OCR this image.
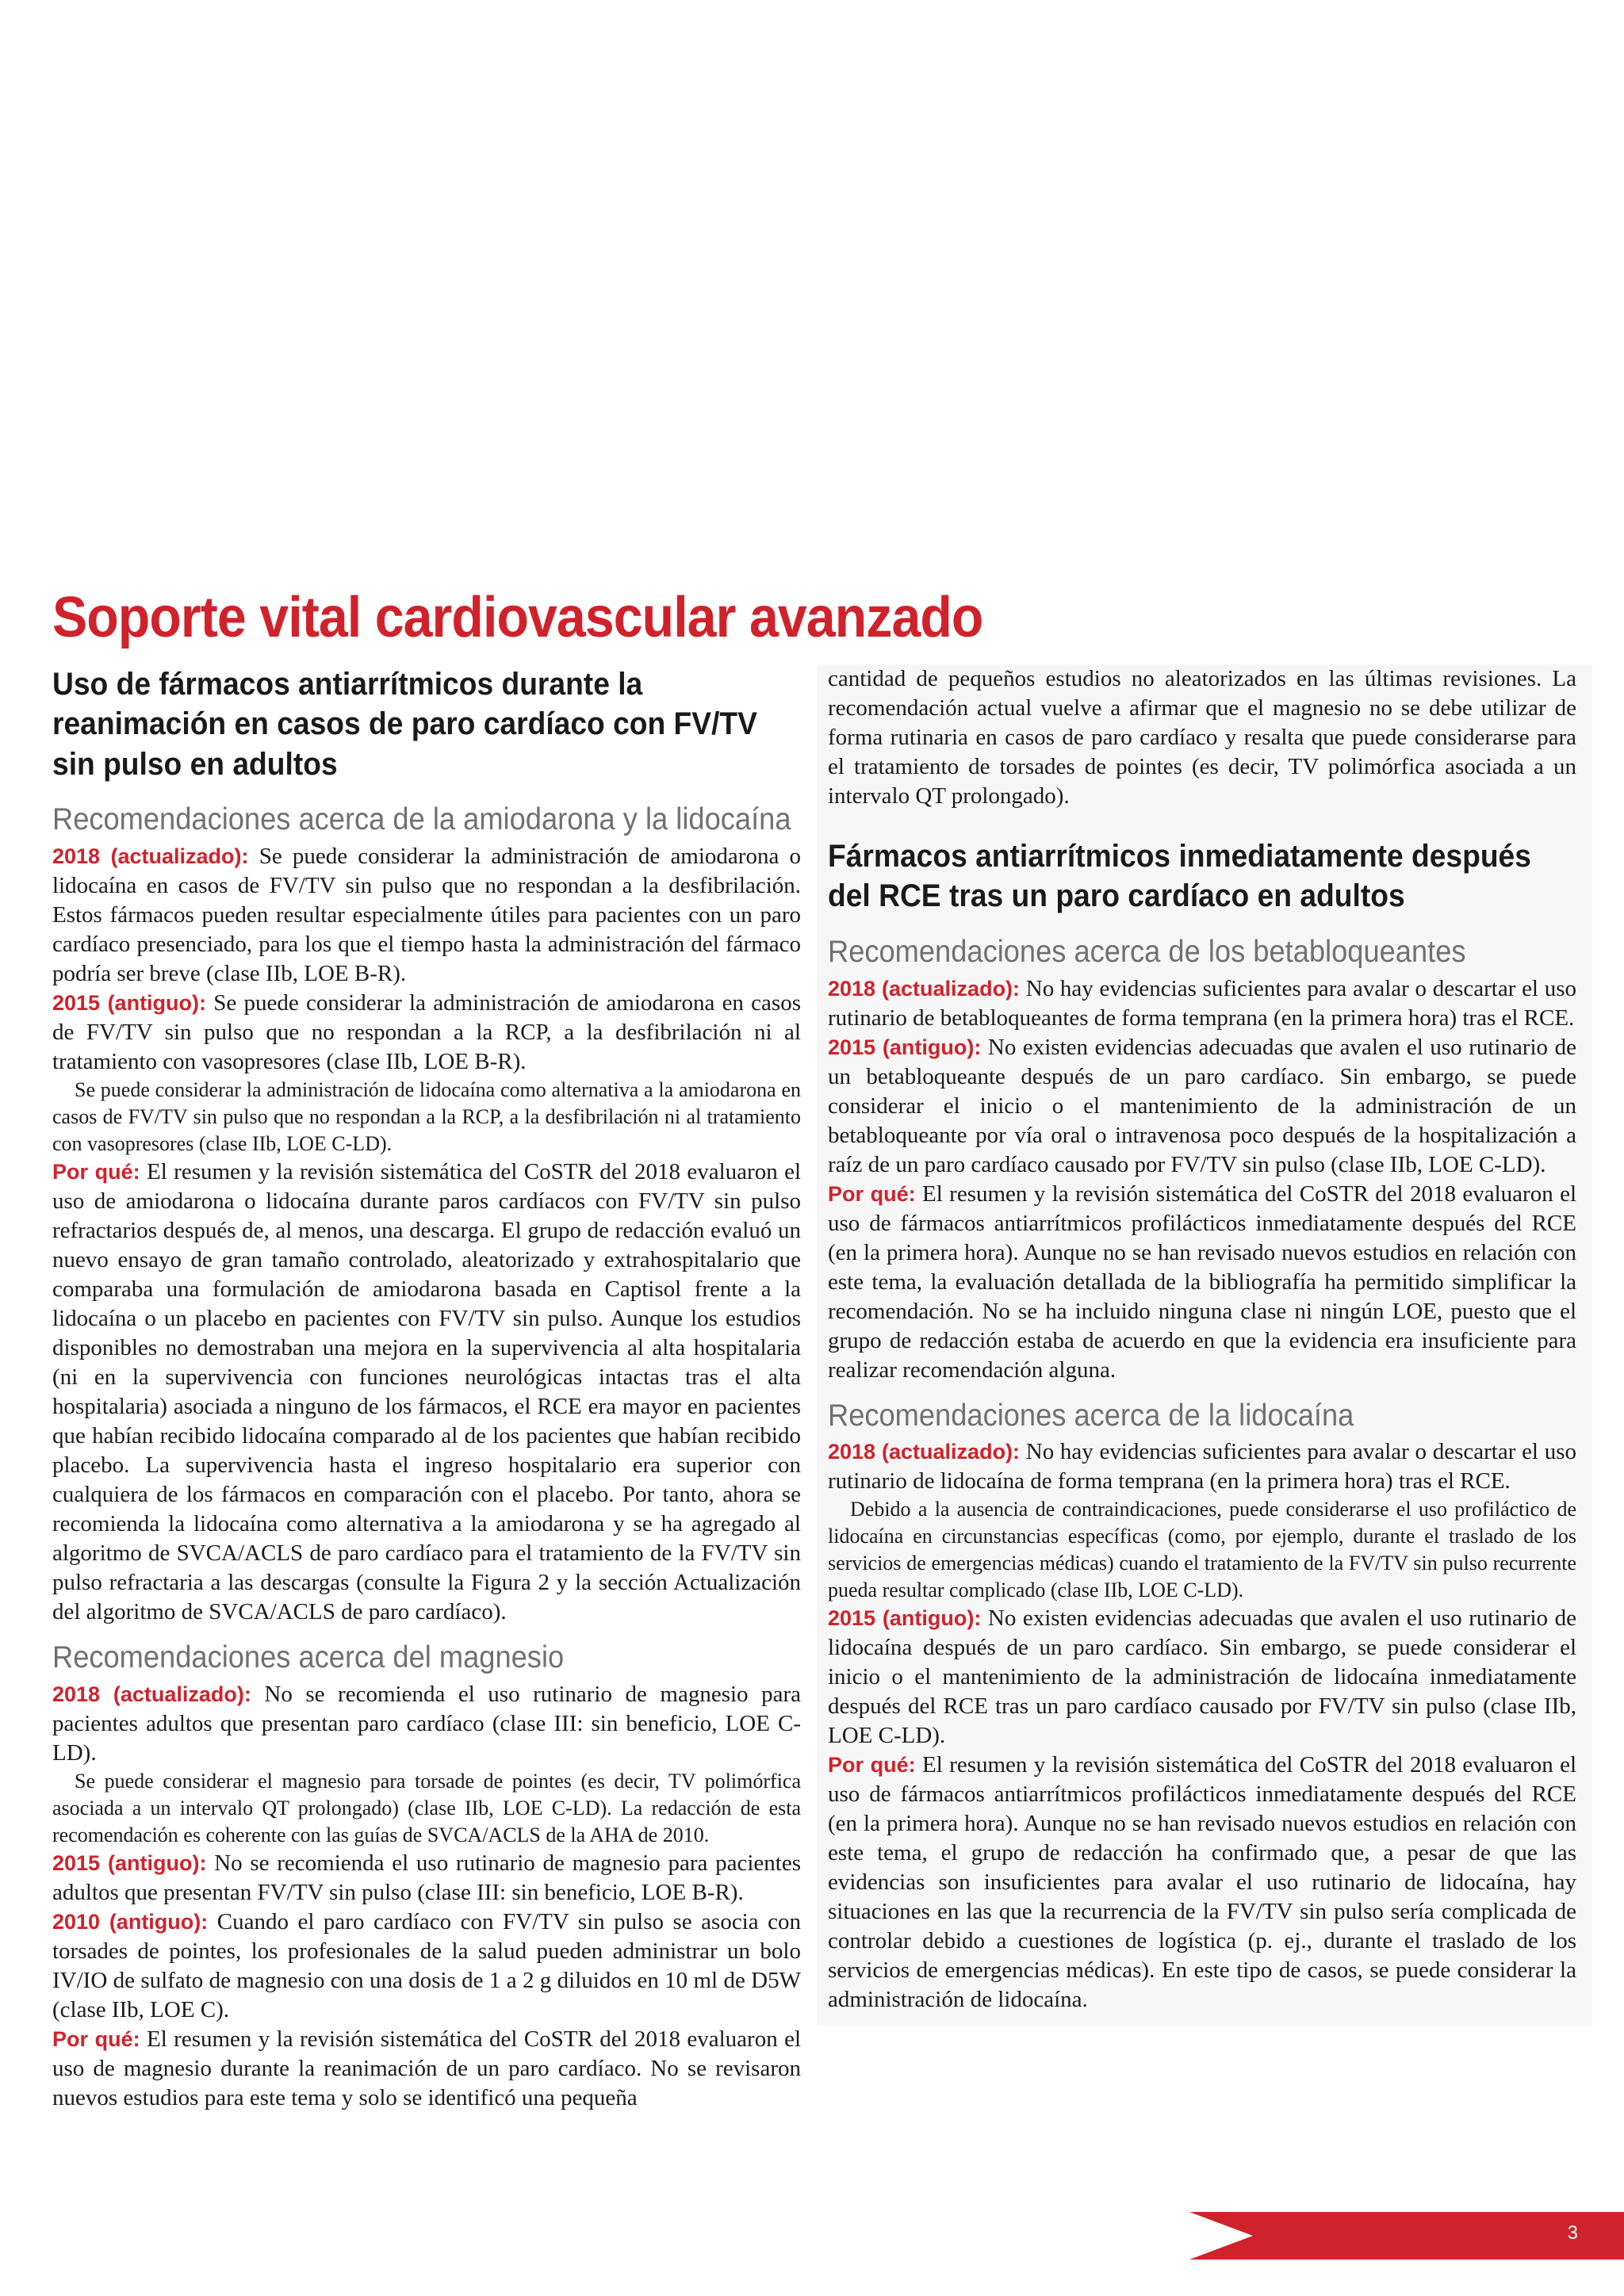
Soporte vital cardiovascular avanzado
Uso de fármacos antiarrítmicos durante la reanimación en casos de paro cardíaco con FV/TV sin pulso en adultos
Recomendaciones acerca de la amiodarona y la lidocaína

2018 (actualizado): Se puede considerar la administración de amiodarona o lidocaína en casos de FV/TV sin pulso que no respondan a la desfibrilación. Estos fármacos pueden resultar especialmente útiles para pacientes con un paro cardíaco presenciado, para los que el tiempo hasta la administración del fármaco podría ser breve (clase IIb, LOE B-R).

2015 (antiguo): Se puede considerar la administración de amiodarona en casos de FV/TV sin pulso que no respondan a la RCP, a la desfibrilación ni al tratamiento con vasopresores (clase IIb, LOE B-R).

Se puede considerar la administración de lidocaína como alternativa a la amiodarona en casos de FV/TV sin pulso que no respondan a la RCP, a la desfibrilación ni al tratamiento con vasopresores (clase IIb, LOE C-LD).

Por qué: El resumen y la revisión sistemática del CoSTR del 2018 evaluaron el uso de amiodarona o lidocaína durante paros cardíacos con FV/TV sin pulso refractarios después de, al menos, una descarga. El grupo de redacción evaluó un nuevo ensayo de gran tamaño controlado, aleatorizado y extrahospitalario que comparaba una formulación de amiodarona basada en Captisol frente a la lidocaína o un placebo en pacientes con FV/TV sin pulso. Aunque los estudios disponibles no demostraban una mejora en la supervivencia al alta hospitalaria (ni en la supervivencia con funciones neurológicas intactas tras el alta hospitalaria) asociada a ninguno de los fármacos, el RCE era mayor en pacientes que habían recibido lidocaína comparado al de los pacientes que habían recibido placebo. La supervivencia hasta el ingreso hospitalario era superior con cualquiera de los fármacos en comparación con el placebo. Por tanto, ahora se recomienda la lidocaína como alternativa a la amiodarona y se ha agregado al algoritmo de SVCA/ACLS de paro cardíaco para el tratamiento de la FV/TV sin pulso refractaria a las descargas (consulte la Figura 2 y la sección Actualización del algoritmo de SVCA/ACLS de paro cardíaco).

Recomendaciones acerca del magnesio

2018 (actualizado): No se recomienda el uso rutinario de magnesio para pacientes adultos que presentan paro cardíaco (clase III: sin beneficio, LOE C-LD).

Se puede considerar el magnesio para torsade de pointes (es decir, TV polimórfica asociada a un intervalo QT prolongado) (clase IIb, LOE C-LD). La redacción de esta recomendación es coherente con las guías de SVCA/ACLS de la AHA de 2010.

2015 (antiguo): No se recomienda el uso rutinario de magnesio para pacientes adultos que presentan FV/TV sin pulso (clase III: sin beneficio, LOE B-R).

2010 (antiguo): Cuando el paro cardíaco con FV/TV sin pulso se asocia con torsades de pointes, los profesionales de la salud pueden administrar un bolo IV/IO de sulfato de magnesio con una dosis de 1 a 2 g diluidos en 10 ml de D5W (clase IIb, LOE C).

Por qué: El resumen y la revisión sistemática del CoSTR del 2018 evaluaron el uso de magnesio durante la reanimación de un paro cardíaco. No se revisaron nuevos estudios para este tema y solo se identificó una pequeña

cantidad de pequeños estudios no aleatorizados en las últimas revisiones. La recomendación actual vuelve a afirmar que el magnesio no se debe utilizar de forma rutinaria en casos de paro cardíaco y resalta que puede considerarse para el tratamiento de torsades de pointes (es decir, TV polimórfica asociada a un intervalo QT prolongado).

Fármacos antiarrítmicos inmediatamente después del RCE tras un paro cardíaco en adultos
Recomendaciones acerca de los betabloqueantes

2018 (actualizado): No hay evidencias suficientes para avalar o descartar el uso rutinario de betabloqueantes de forma temprana (en la primera hora) tras el RCE.

2015 (antiguo): No existen evidencias adecuadas que avalen el uso rutinario de un betabloqueante después de un paro cardíaco. Sin embargo, se puede considerar el inicio o el mantenimiento de la administración de un betabloqueante por vía oral o intravenosa poco después de la hospitalización a raíz de un paro cardíaco causado por FV/TV sin pulso (clase IIb, LOE C-LD).

Por qué: El resumen y la revisión sistemática del CoSTR del 2018 evaluaron el uso de fármacos antiarrítmicos profilácticos inmediatamente después del RCE (en la primera hora). Aunque no se han revisado nuevos estudios en relación con este tema, la evaluación detallada de la bibliografía ha permitido simplificar la recomendación. No se ha incluido ninguna clase ni ningún LOE, puesto que el grupo de redacción estaba de acuerdo en que la evidencia era insuficiente para realizar recomendación alguna.

Recomendaciones acerca de la lidocaína

2018 (actualizado): No hay evidencias suficientes para avalar o descartar el uso rutinario de lidocaína de forma temprana (en la primera hora) tras el RCE.

Debido a la ausencia de contraindicaciones, puede considerarse el uso profiláctico de lidocaína en circunstancias específicas (como, por ejemplo, durante el traslado de los servicios de emergencias médicas) cuando el tratamiento de la FV/TV sin pulso recurrente pueda resultar complicado (clase IIb, LOE C-LD).

2015 (antiguo): No existen evidencias adecuadas que avalen el uso rutinario de lidocaína después de un paro cardíaco. Sin embargo, se puede considerar el inicio o el mantenimiento de la administración de lidocaína inmediatamente después del RCE tras un paro cardíaco causado por FV/TV sin pulso (clase IIb, LOE C-LD).

Por qué: El resumen y la revisión sistemática del CoSTR del 2018 evaluaron el uso de fármacos antiarrítmicos profilácticos inmediatamente después del RCE (en la primera hora). Aunque no se han revisado nuevos estudios en relación con este tema, el grupo de redacción ha confirmado que, a pesar de que las evidencias son insuficientes para avalar el uso rutinario de lidocaína, hay situaciones en las que la recurrencia de la FV/TV sin pulso sería complicada de controlar debido a cuestiones de logística (p. ej., durante el traslado de los servicios de emergencias médicas). En este tipo de casos, se puede considerar la administración de lidocaína.

3
